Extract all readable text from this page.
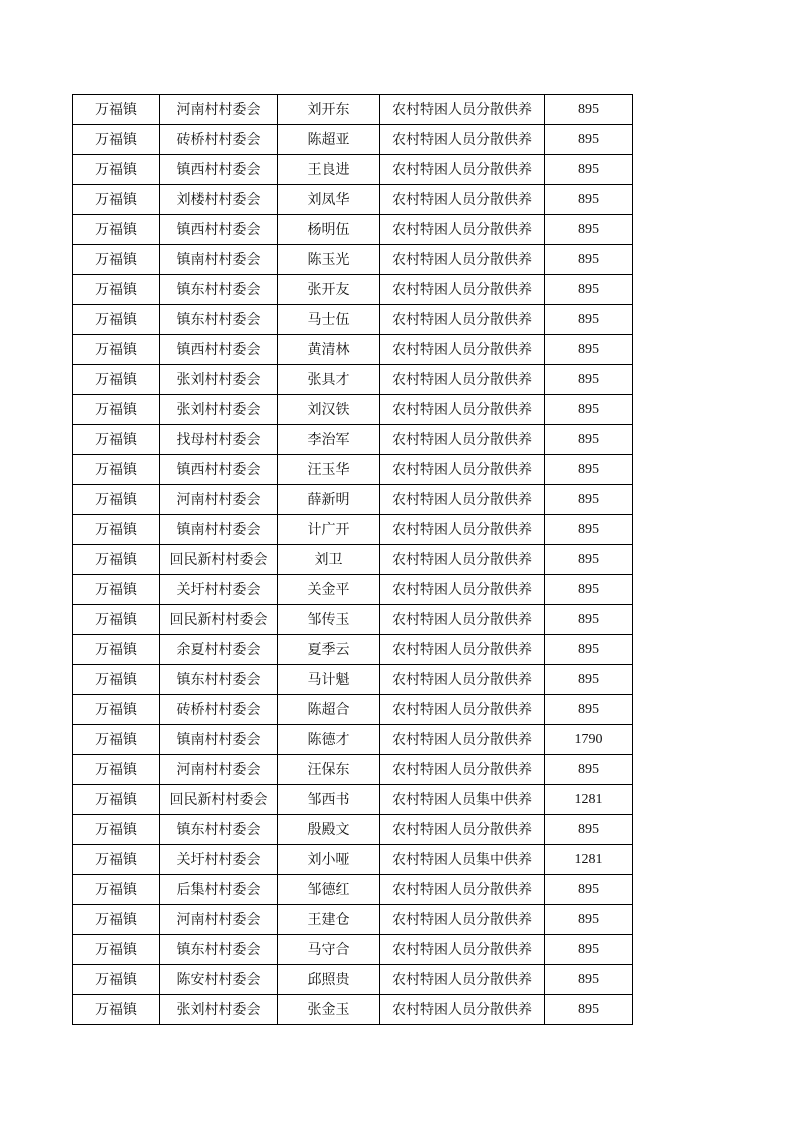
万福镇	河南村村委会	刘开东	农村特困人员分散供养	895
万福镇	砖桥村村委会	陈超亚	农村特困人员分散供养	895
万福镇	镇西村村委会	王良进	农村特困人员分散供养	895
万福镇	刘楼村村委会	刘凤华	农村特困人员分散供养	895
万福镇	镇西村村委会	杨明伍	农村特困人员分散供养	895
万福镇	镇南村村委会	陈玉光	农村特困人员分散供养	895
万福镇	镇东村村委会	张开友	农村特困人员分散供养	895
万福镇	镇东村村委会	马士伍	农村特困人员分散供养	895
万福镇	镇西村村委会	黄清林	农村特困人员分散供养	895
万福镇	张刘村村委会	张具才	农村特困人员分散供养	895
万福镇	张刘村村委会	刘汉铁	农村特困人员分散供养	895
万福镇	找母村村委会	李治军	农村特困人员分散供养	895
万福镇	镇西村村委会	汪玉华	农村特困人员分散供养	895
万福镇	河南村村委会	薛新明	农村特困人员分散供养	895
万福镇	镇南村村委会	计广开	农村特困人员分散供养	895
万福镇	回民新村村委会	刘卫	农村特困人员分散供养	895
万福镇	关圩村村委会	关金平	农村特困人员分散供养	895
万福镇	回民新村村委会	邹传玉	农村特困人员分散供养	895
万福镇	余夏村村委会	夏季云	农村特困人员分散供养	895
万福镇	镇东村村委会	马计魁	农村特困人员分散供养	895
万福镇	砖桥村村委会	陈超合	农村特困人员分散供养	895
万福镇	镇南村村委会	陈德才	农村特困人员分散供养	1790
万福镇	河南村村委会	汪保东	农村特困人员分散供养	895
万福镇	回民新村村委会	邹西书	农村特困人员集中供养	1281
万福镇	镇东村村委会	殷殿文	农村特困人员分散供养	895
万福镇	关圩村村委会	刘小哑	农村特困人员集中供养	1281
万福镇	后集村村委会	邹德红	农村特困人员分散供养	895
万福镇	河南村村委会	王建仓	农村特困人员分散供养	895
万福镇	镇东村村委会	马守合	农村特困人员分散供养	895
万福镇	陈安村村委会	邱照贵	农村特困人员分散供养	895
万福镇	张刘村村委会	张金玉	农村特困人员分散供养	895
